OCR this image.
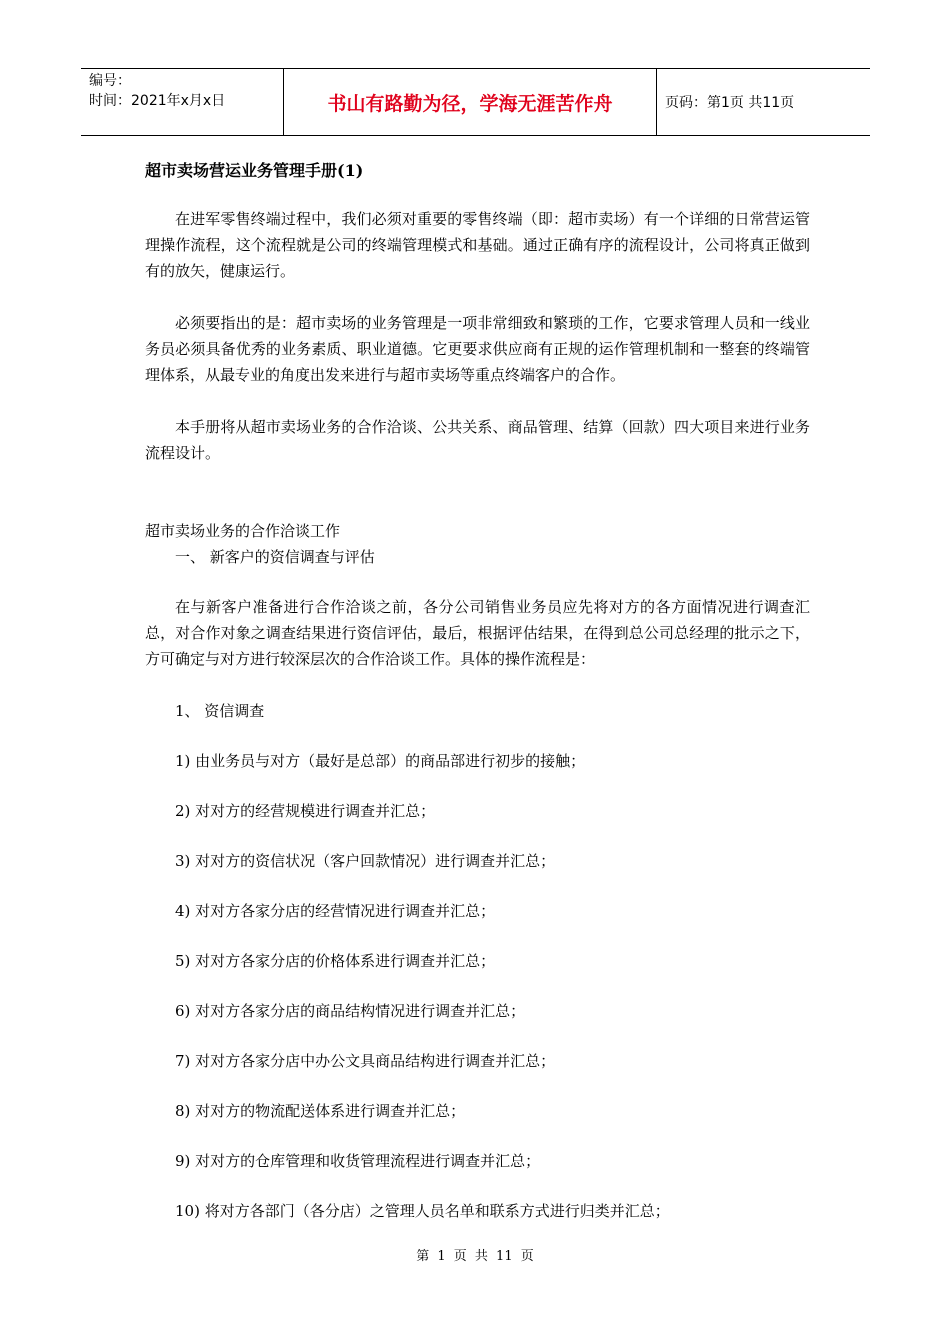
编号：
时间：2021年x月x日	书山有路勤为径，学海无涯苦作舟	页码：第1页 共11页

超市卖场营运业务管理手册(1)

在进军零售终端过程中，我们必须对重要的零售终端（即：超市卖场）有一个详细的日常营运管理操作流程，这个流程就是公司的终端管理模式和基础。通过正确有序的流程设计，公司将真正做到有的放矢，健康运行。

必须要指出的是：超市卖场的业务管理是一项非常细致和繁琐的工作，它要求管理人员和一线业务员必须具备优秀的业务素质、职业道德。它更要求供应商有正规的运作管理机制和一整套的终端管理体系，从最专业的角度出发来进行与超市卖场等重点终端客户的合作。

本手册将从超市卖场业务的合作洽谈、公共关系、商品管理、结算（回款）四大项目来进行业务流程设计。

超市卖场业务的合作洽谈工作

一、 新客户的资信调查与评估

在与新客户准备进行合作洽谈之前，各分公司销售业务员应先将对方的各方面情况进行调查汇总，对合作对象之调查结果进行资信评估，最后，根据评估结果，在得到总公司总经理的批示之下，方可确定与对方进行较深层次的合作洽谈工作。具体的操作流程是：

1、 资信调查

1) 由业务员与对方（最好是总部）的商品部进行初步的接触；

2) 对对方的经营规模进行调查并汇总；

3) 对对方的资信状况（客户回款情况）进行调查并汇总；

4) 对对方各家分店的经营情况进行调查并汇总；

5) 对对方各家分店的价格体系进行调查并汇总；

6) 对对方各家分店的商品结构情况进行调查并汇总；

7) 对对方各家分店中办公文具商品结构进行调查并汇总；

8) 对对方的物流配送体系进行调查并汇总；

9) 对对方的仓库管理和收货管理流程进行调查并汇总；

10) 将对方各部门（各分店）之管理人员名单和联系方式进行归类并汇总；

第 1 页 共 11 页
